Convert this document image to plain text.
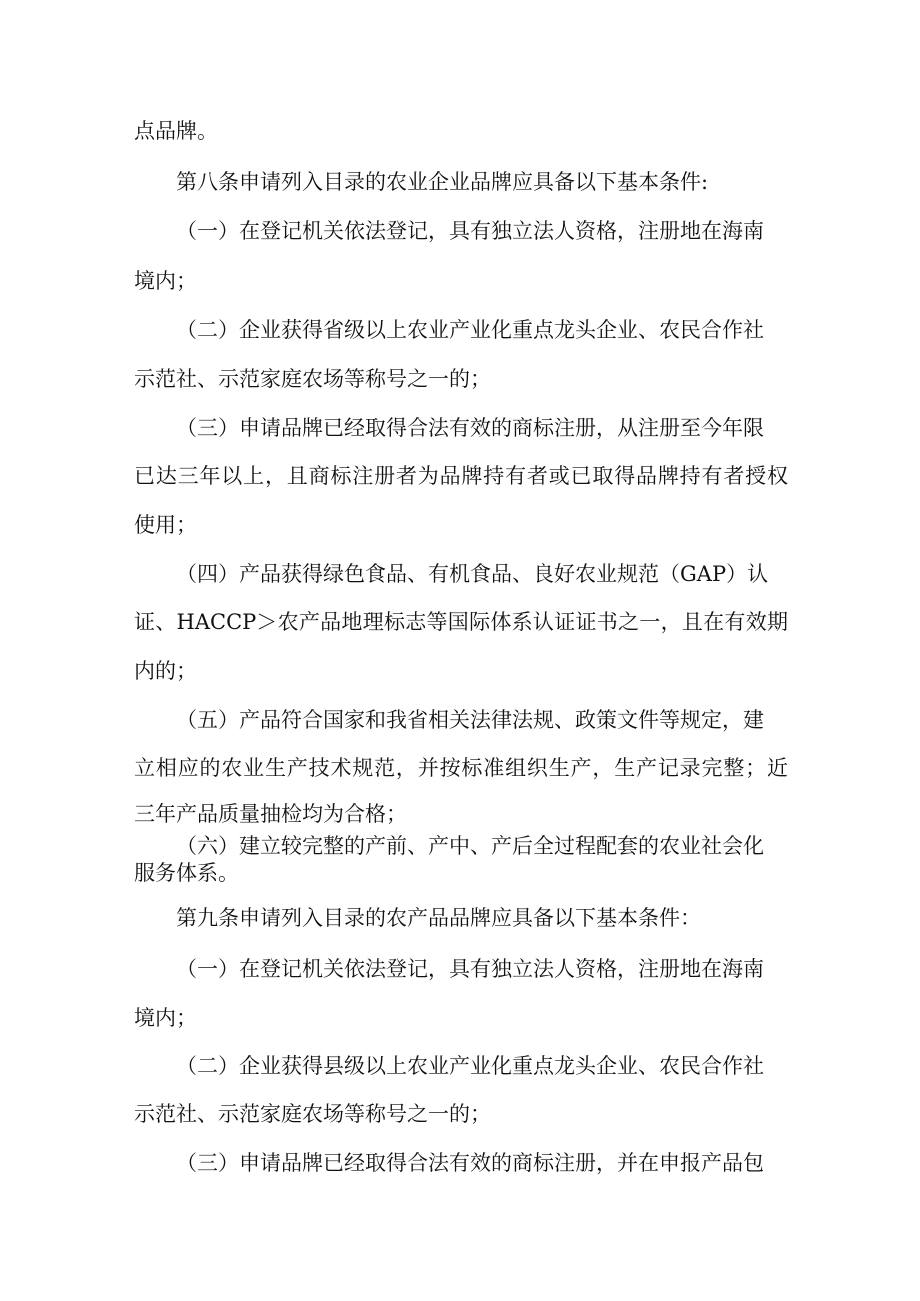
点品牌。
第八条申请列入目录的农业企业品牌应具备以下基本条件:
（一）在登记机关依法登记，具有独立法人资格，注册地在海南
境内；
（二）企业获得省级以上农业产业化重点龙头企业、农民合作社
示范社、示范家庭农场等称号之一的；
（三）申请品牌已经取得合法有效的商标注册，从注册至今年限
已达三年以上，且商标注册者为品牌持有者或已取得品牌持有者授权
使用；
（四）产品获得绿色食品、有机食品、良好农业规范（GAP）认
证、HACCP＞农产品地理标志等国际体系认证证书之一，且在有效期
内的；
（五）产品符合国家和我省相关法律法规、政策文件等规定，建
立相应的农业生产技术规范，并按标准组织生产，生产记录完整；近
三年产品质量抽检均为合格；
（六）建立较完整的产前、产中、产后全过程配套的农业社会化
服务体系。
第九条申请列入目录的农产品品牌应具备以下基本条件：
（一）在登记机关依法登记，具有独立法人资格，注册地在海南
境内；
（二）企业获得县级以上农业产业化重点龙头企业、农民合作社
示范社、示范家庭农场等称号之一的；
（三）申请品牌已经取得合法有效的商标注册，并在申报产品包
